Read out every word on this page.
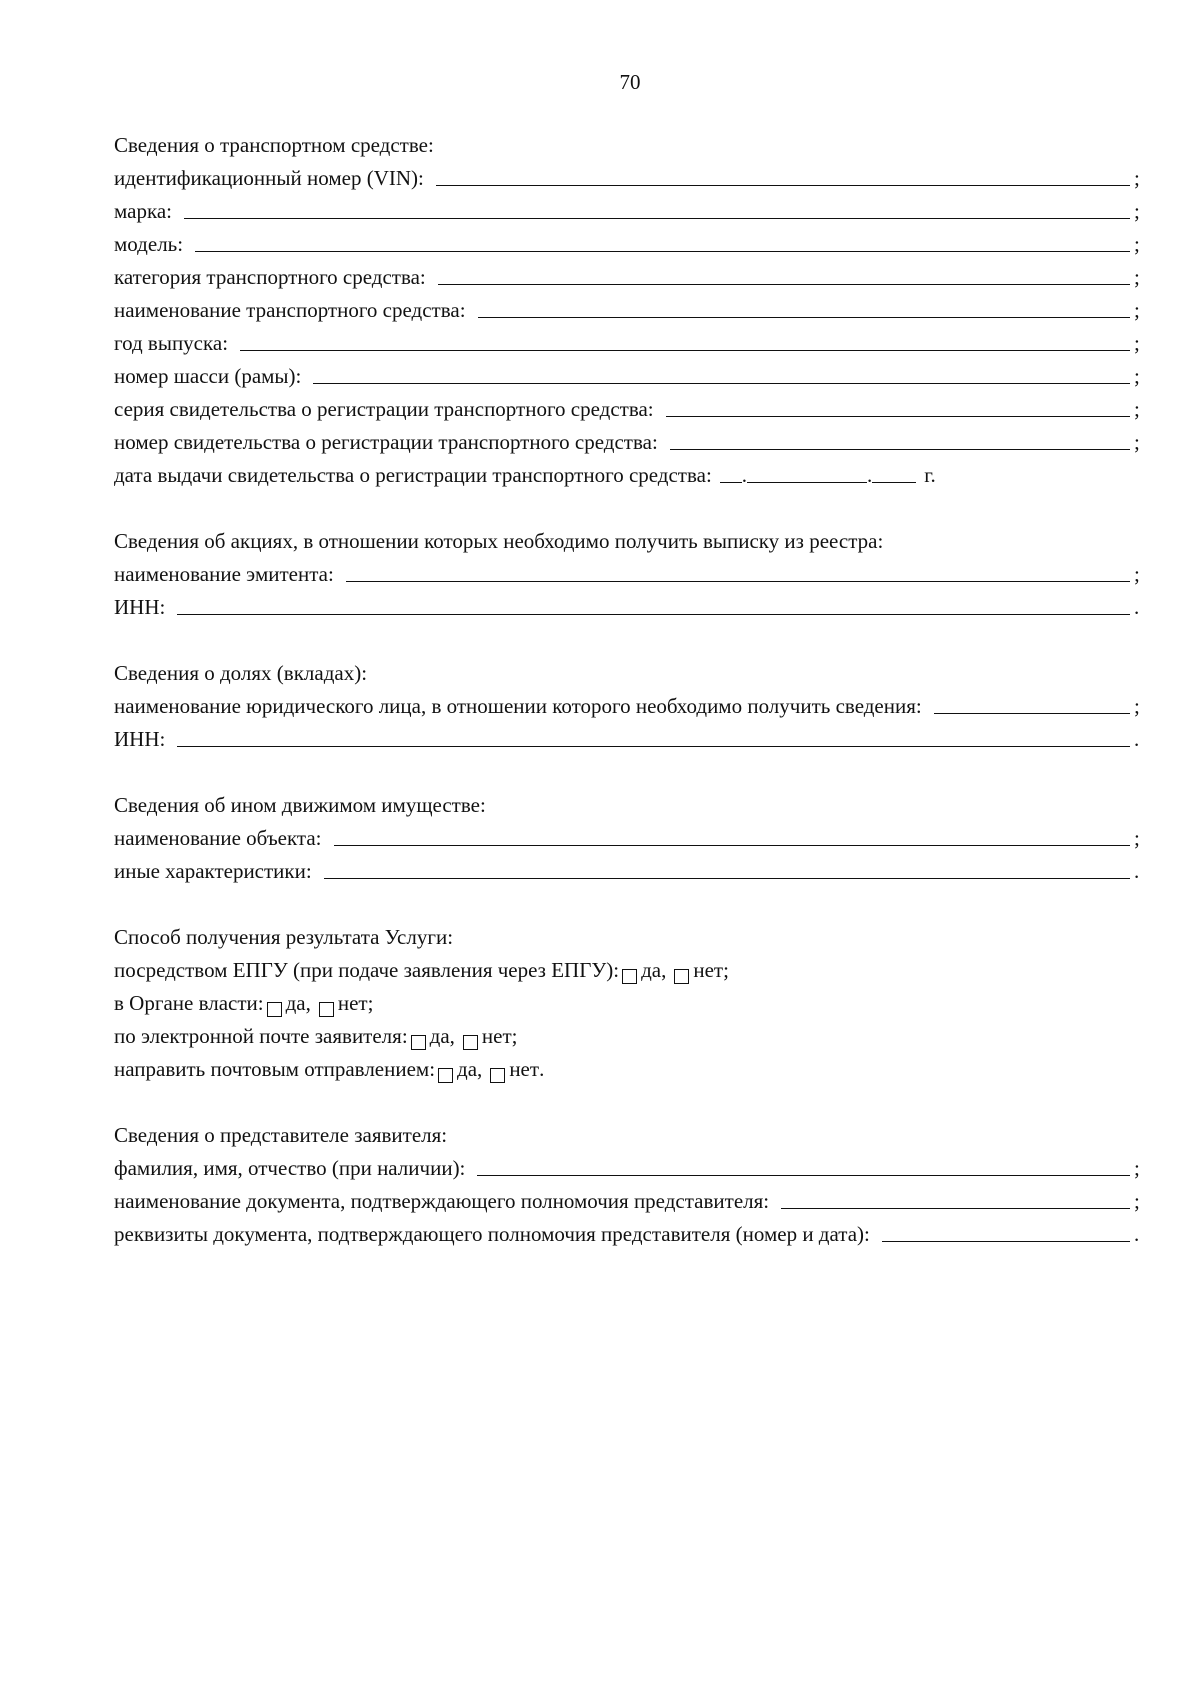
70
Сведения о транспортном средстве:
идентификационный номер (VIN):	;
марка:	;
модель:	;
категория транспортного средства:	;
наименование транспортного средства:	;
год выпуска:	;
номер шасси (рамы):	;
серия свидетельства о регистрации транспортного средства:	;
номер свидетельства о регистрации транспортного средства:	;
дата выдачи свидетельства о регистрации транспортного средства: .	. г.
Сведения об акциях, в отношении которых необходимо получить выписку из реестра:
наименование эмитента:	;
ИНН:	.
Сведения о долях (вкладах):
наименование юридического лица, в отношении которого необходимо получить сведения:	;
ИНН:	.
Сведения об ином движимом имуществе:
наименование объекта:	;
иные характеристики:	.
Способ получения результата Услуги:
посредством ЕПГУ (при подаче заявления через ЕПГУ): да, нет ;
в Органе власти: да, нет ;
по электронной почте заявителя: да, нет ;
направить почтовым отправлением: да, нет .
Сведения о представителе заявителя:
фамилия, имя, отчество (при наличии):	;
наименование документа, подтверждающего полномочия представителя:	;
реквизиты документа, подтверждающего полномочия представителя (номер и дата):	.
